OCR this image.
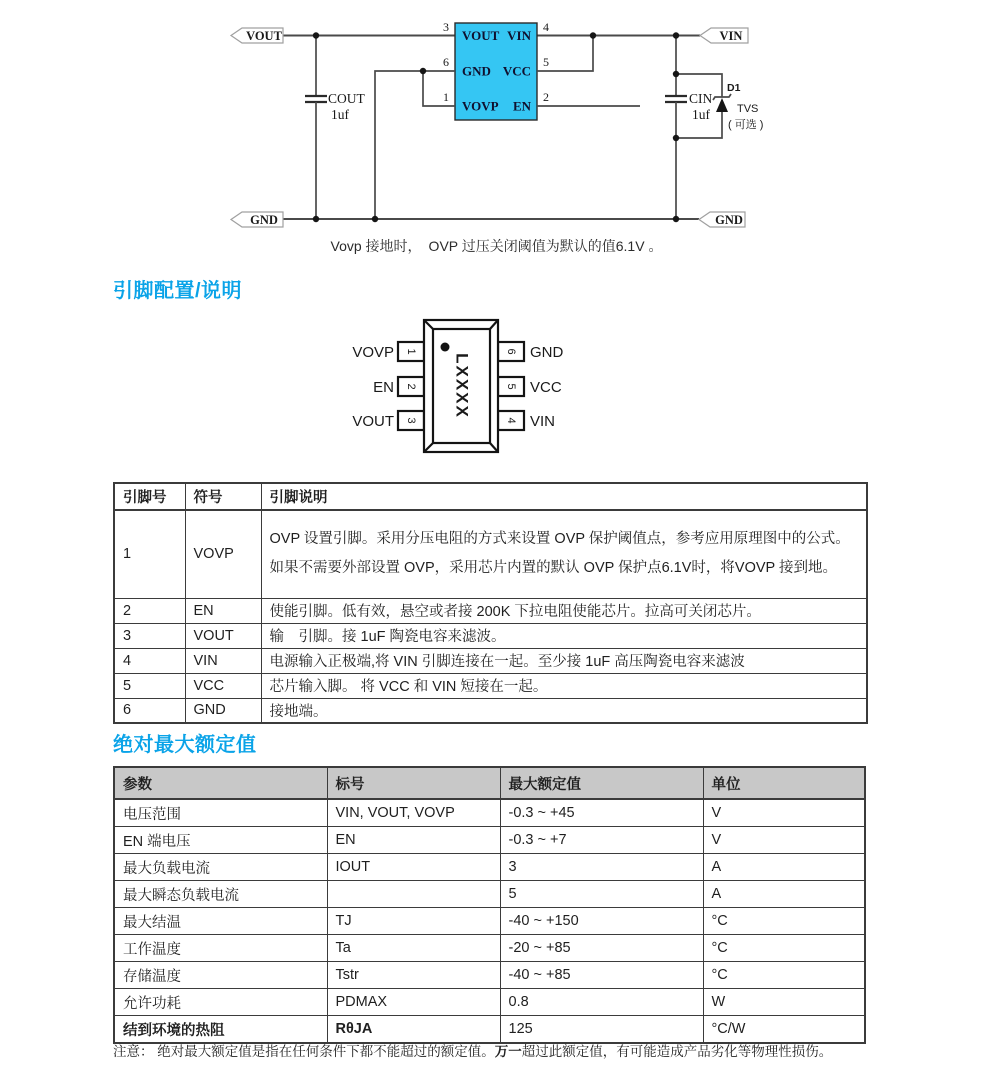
VOUT	VIN
GND	GND
COUT
1uf
VOUT
GND
VOVP
VIN
VCC
EN
3
6
1
4
5
2	CIN
1uf
D1
TVS
( 可选 )
Vovp 接地时，　OVP 过压关闭阈值为默认的值6.1V 。
引脚配置/说明
LXXXX
1
2
3
6
5
4
VOVP
EN
VOUT
GND
VCC
VIN
引脚号	符号	引脚说明
1	VOVP	OVP 设置引脚。采用分压电阻的方式来设置 OVP 保护阈值点，参考应用原理图中的公式。如果不需要外部设置 OVP，采用芯片内置的默认 OVP 保护点6.1V时，将VOVP 接到地。
2	EN	使能引脚。低有效，悬空或者接 200K 下拉电阻使能芯片。拉高可关闭芯片。
3	VOUT	输　引脚。接 1uF 陶瓷电容来滤波。
4	VIN	电源输入正极端,将 VIN 引脚连接在一起。至少接 1uF 高压陶瓷电容来滤波
5	VCC	芯片输入脚。 将 VCC 和 VIN 短接在一起。
6	GND	接地端。
绝对最大额定值
参数	标号	最大额定值	单位
电压范围	VIN, VOUT, VOVP	-0.3 ~ +45	V
EN 端电压	EN	-0.3 ~ +7	V
最大负载电流	IOUT	3	A
最大瞬态负载电流		5	A
最大结温	TJ	-40 ~ +150	°C
工作温度	Ta	-20 ~ +85	°C
存储温度	Tstr	-40 ~ +85	°C
允许功耗	PDMAX	0.8	W
结到环境的热阻	RθJA	125	°C/W

注意： 绝对最大额定值是指在任何条件下都不能超过的额定值。万一超过此额定值，有可能造成产品劣化等物理性损伤。
